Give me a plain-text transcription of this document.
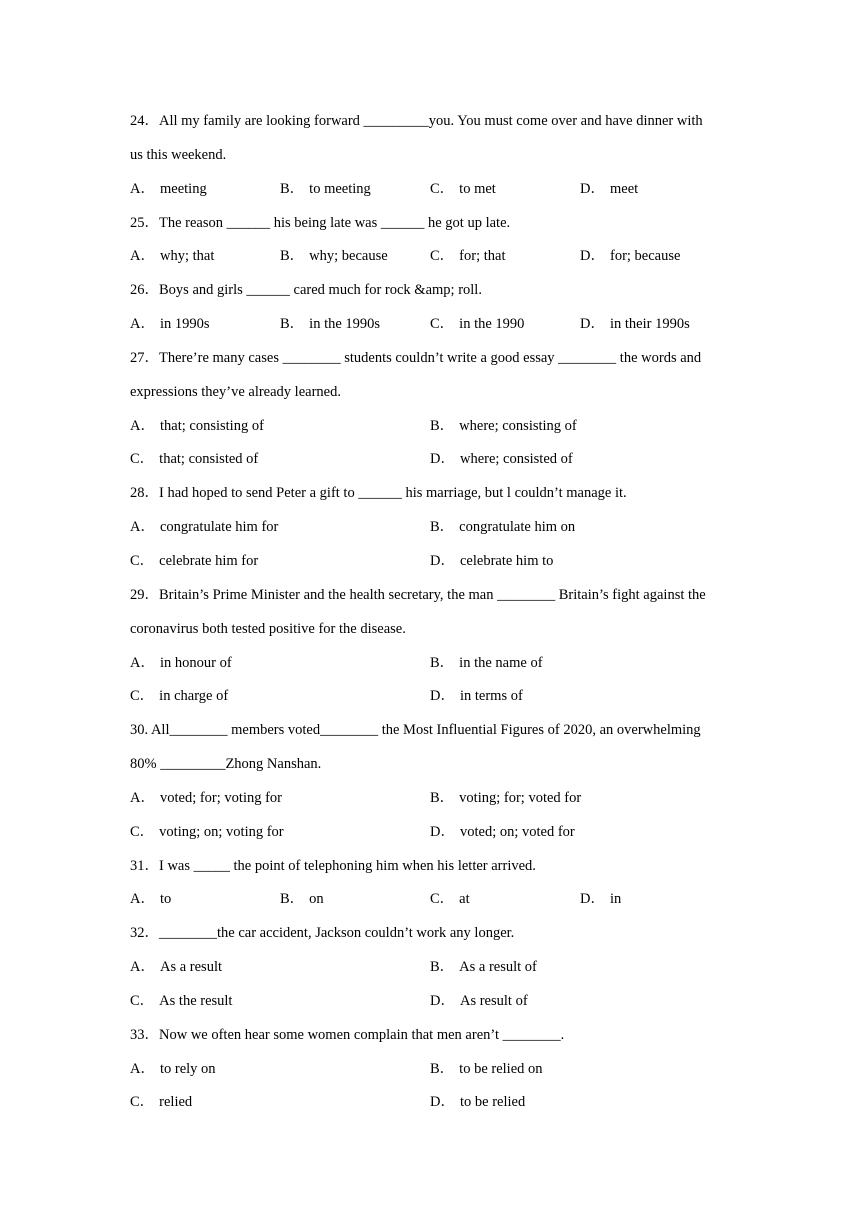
24．All my family are looking forward _________you. You must come over and have dinner with
us this weekend.
A． meeting	B． to meeting	C． to met	D． meet
25．The reason ______ his being late was ______ he got up late.
A． why; that	B． why; because	C． for; that	D． for; because
26．Boys and girls ______ cared much for rock &amp; roll.
A． in 1990s	B． in the 1990s	C． in the 1990	D． in their 1990s
27．There’re many cases ________ students couldn’t write a good essay ________ the words and
expressions they’ve already learned.
A． that; consisting of	B． where; consisting of
C． that; consisted of	D． where; consisted of
28．I had hoped to send Peter a gift to ______ his marriage, but l couldn’t manage it.
A． congratulate him for	B． congratulate him on
C． celebrate him for	D． celebrate him to
29．Britain’s Prime Minister and the health secretary, the man ________ Britain’s fight against the
coronavirus both tested positive for the disease.
A． in honour of	B． in the name of
C． in charge of	D． in terms of
30. All________ members voted________ the Most Influential Figures of 2020, an overwhelming
80% _________Zhong Nanshan.
A． voted; for; voting for	B． voting; for; voted for
C． voting; on; voting for	D． voted; on; voted for
31．I was _____ the point of telephoning him when his letter arrived.
A． to	B． on	C． at	D． in
32．________the car accident, Jackson couldn’t work any longer.
A． As a result	B． As a result of
C． As the result	D． As result of
33．Now we often hear some women complain that men aren’t ________.
A． to rely on	B． to be relied on
C． relied	D． to be relied
